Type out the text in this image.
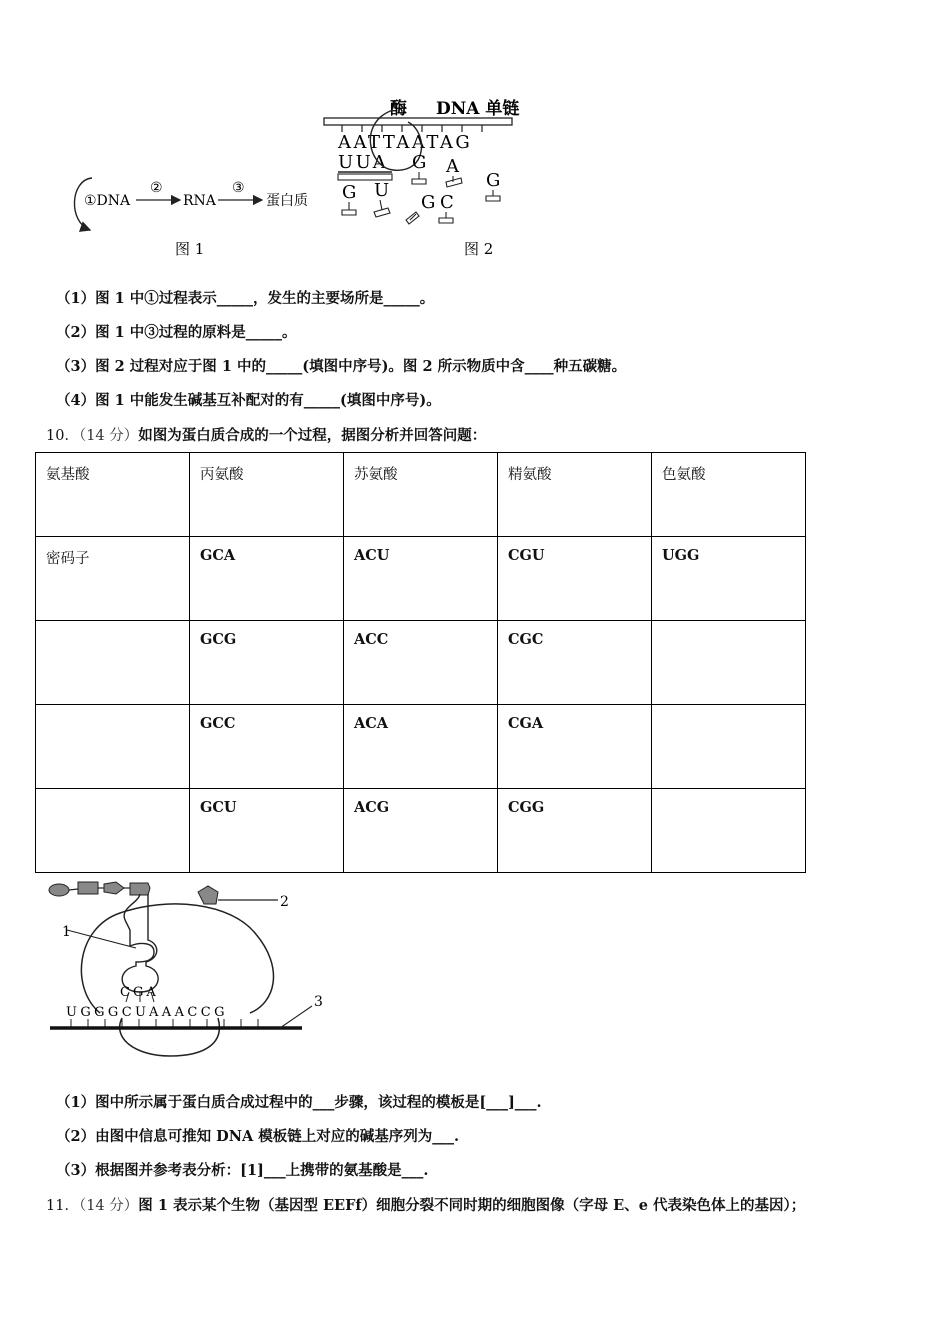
①DNA
②
RNA
③
蛋白质
图 1
酶 DNA 单链
AATTAATAG
UUA G A
G
G U
G C
图 2
（1）图 1 中①过程表示_____，发生的主要场所是_____。
（2）图 1 中③过程的原料是_____。
（3）图 2 过程对应于图 1 中的_____(填图中序号)。图 2 所示物质中含____种五碳糖。
（4）图 1 中能发生碱基互补配对的有_____(填图中序号)。
10．（14 分）如图为蛋白质合成的一个过程，据图分析并回答问题：
氨基酸	丙氨酸	苏氨酸	精氨酸	色氨酸
密码子	GCA	ACU	CGU	UGG
	GCG	ACC	CGC	
	GCC	ACA	CGA	
	GCU	ACG	CGG	
2
CGA
1
UGGGCUAAACCG
3
（1）图中所示属于蛋白质合成过程中的___步骤，该过程的模板是[___]___.
（2）由图中信息可推知 DNA 模板链上对应的碱基序列为___.
（3）根据图并参考表分析：[1]___上携带的氨基酸是___.
11．（14 分）图 1 表示某个生物（基因型 EEFf）细胞分裂不同时期的细胞图像（字母 E、e 代表染色体上的基因）；
